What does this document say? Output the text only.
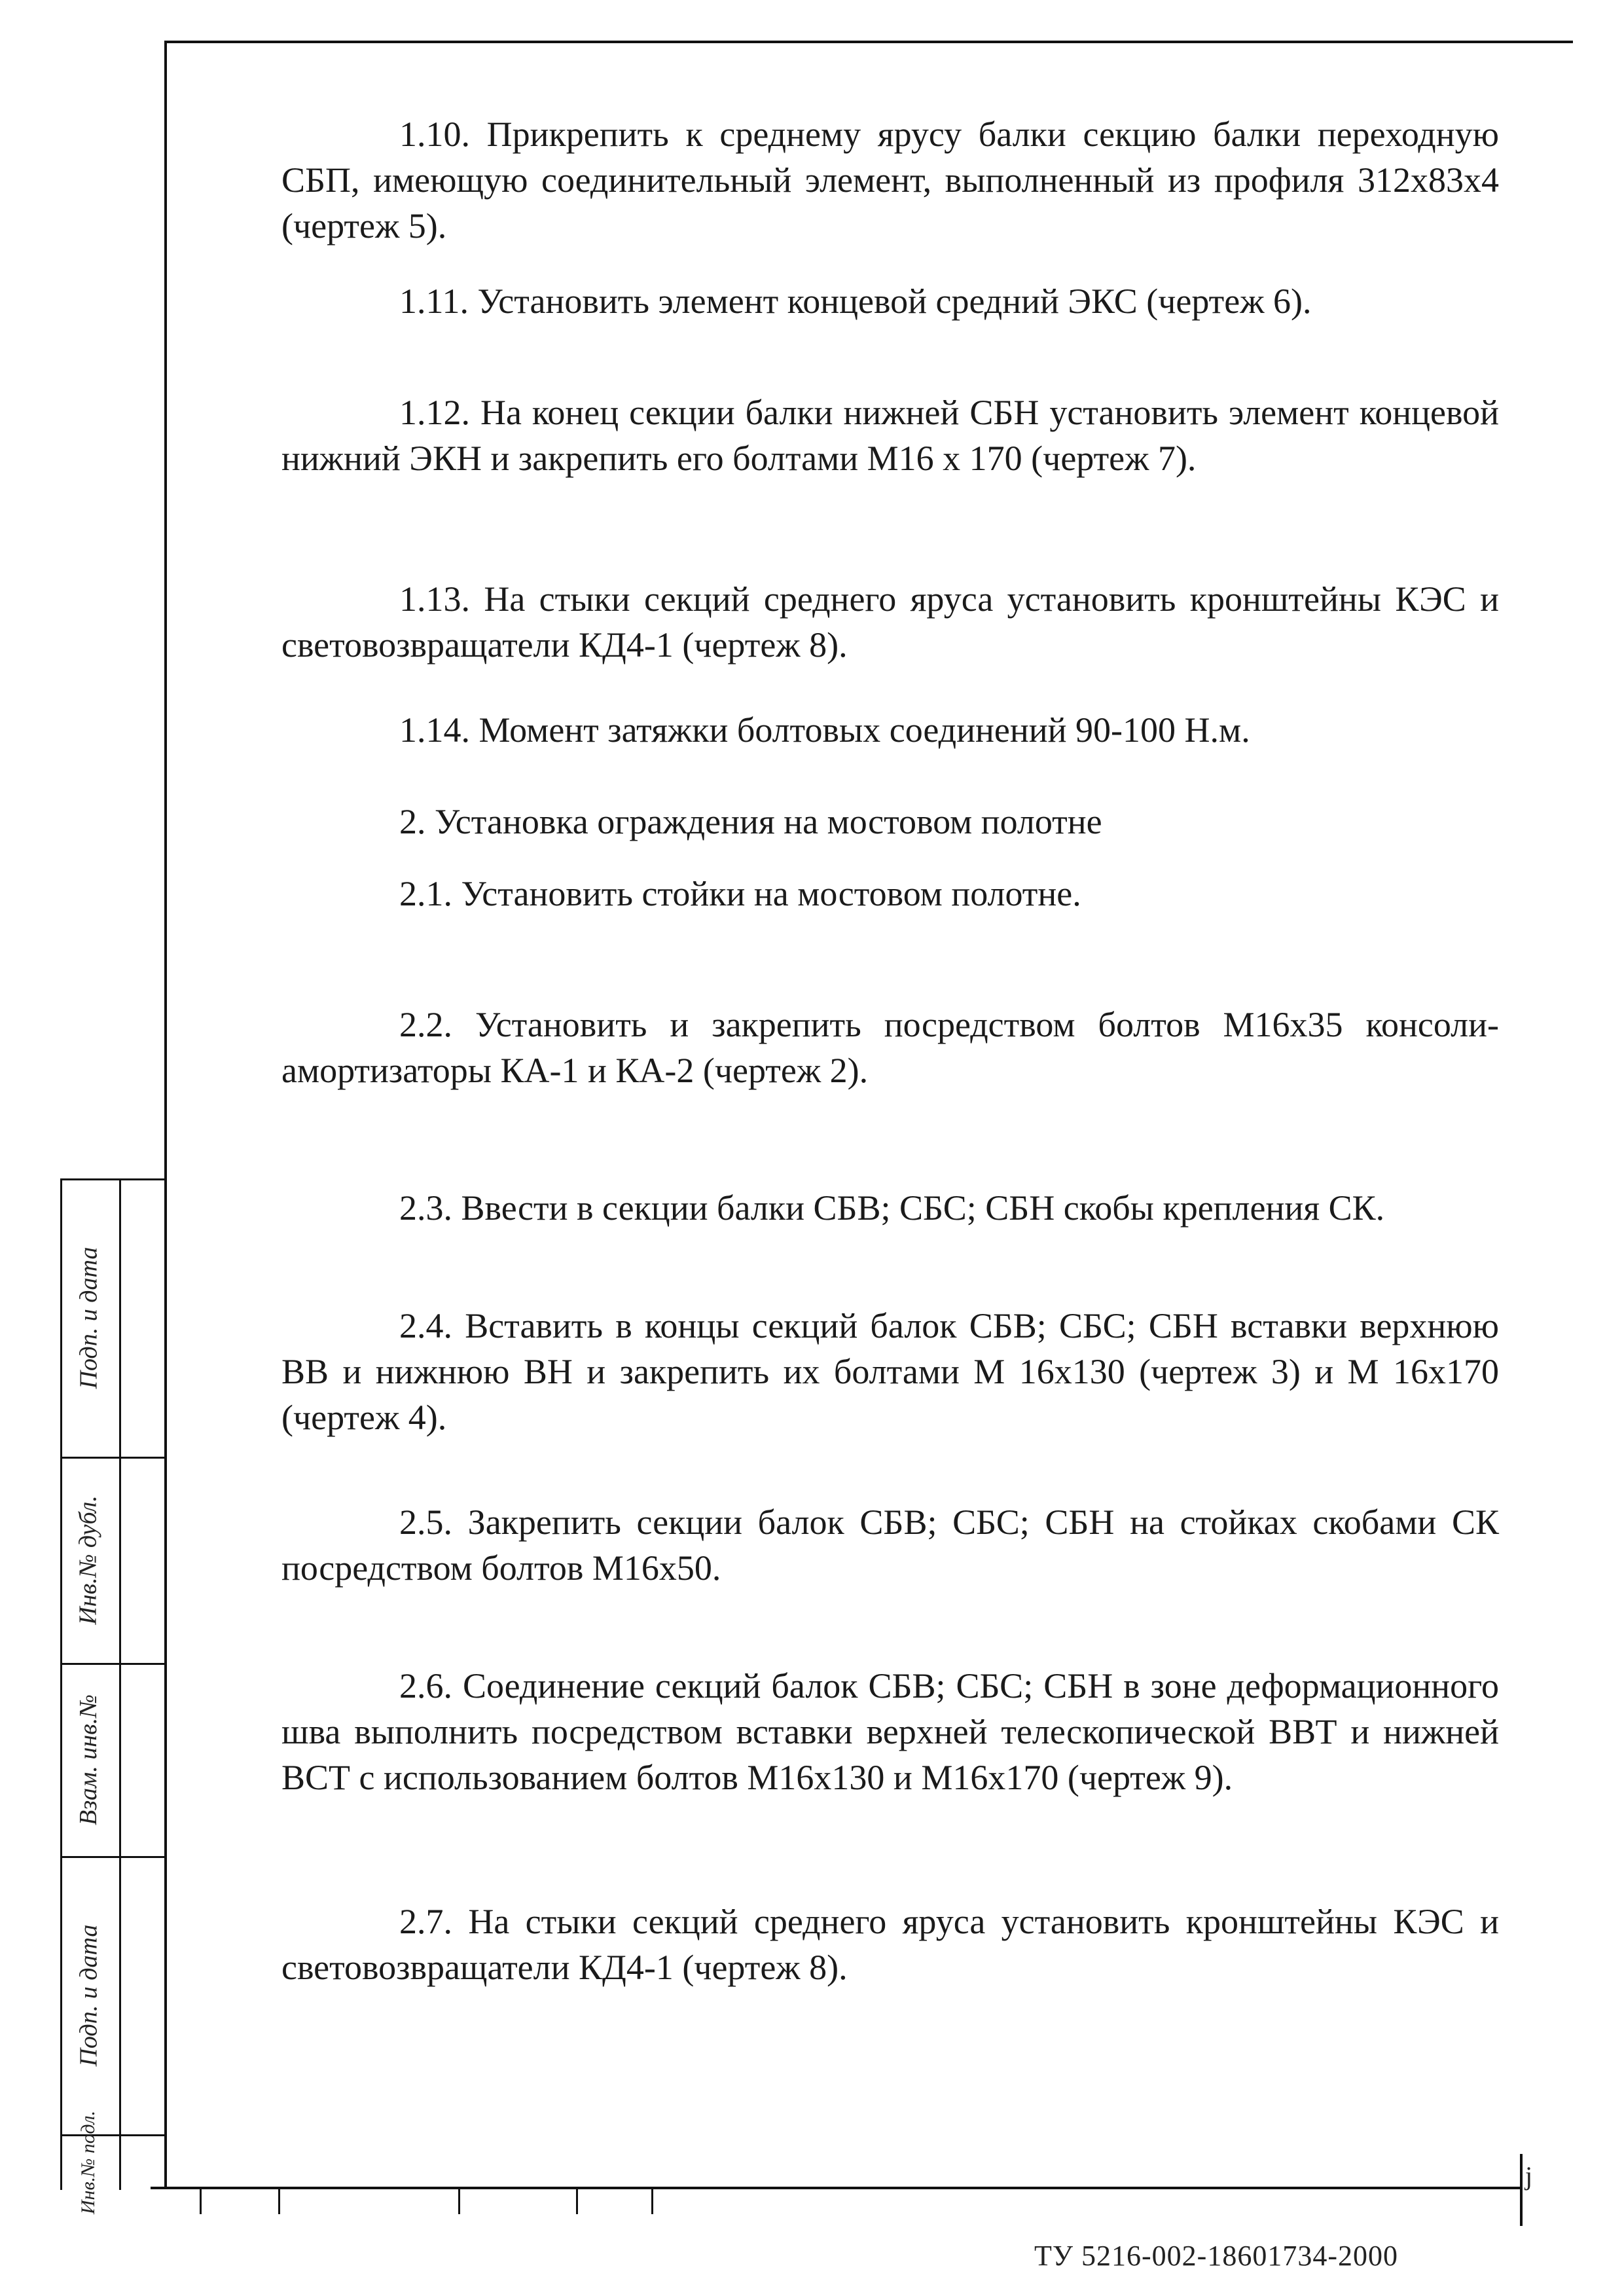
Подп. и дата
Инв.№ дубл.
Взам. инв.№
Подп. и дата
Инв.№ подл.

1.10. Прикрепить к среднему ярусу балки секцию балки переходную СБП, имеющую соединительный элемент, выполненный из профиля 312x83x4 (чертеж 5).

1.11. Установить элемент концевой средний ЭКС (чертеж 6).

1.12. На конец секции балки нижней СБН установить элемент концевой нижний ЭКН и закрепить его болтами М16 x 170 (чертеж 7).

1.13. На стыки секций среднего яруса установить кронштейны КЭС и световозвращатели КД4-1 (чертеж 8).

1.14. Момент затяжки болтовых соединений 90-100 Н.м.

2. Установка ограждения на мостовом полотне

2.1. Установить стойки на мостовом полотне.

2.2. Установить и закрепить посредством болтов М16x35 консоли-амортизаторы КА-1 и КА-2 (чертеж 2).

2.3. Ввести в секции балки СБВ; СБС; СБН скобы крепления СК.

2.4. Вставить в концы секций балок СБВ; СБС; СБН вставки верхнюю ВВ и нижнюю ВН и закрепить их болтами М 16x130 (чертеж 3) и М 16x170 (чертеж 4).

2.5. Закрепить секции балок СБВ; СБС; СБН на стойках скобами СК посредством болтов М16x50.

2.6. Соединение секций балок СБВ; СБС; СБН в зоне деформационного шва выполнить посредством вставки верхней телескопической ВВТ и нижней ВСТ с использованием болтов М16x130 и М16x170 (чертеж 9).

2.7. На стыки секций среднего яруса установить кронштейны КЭС и световозвращатели КД4-1 (чертеж 8).

ТУ 5216-002-18601734-2000
j
